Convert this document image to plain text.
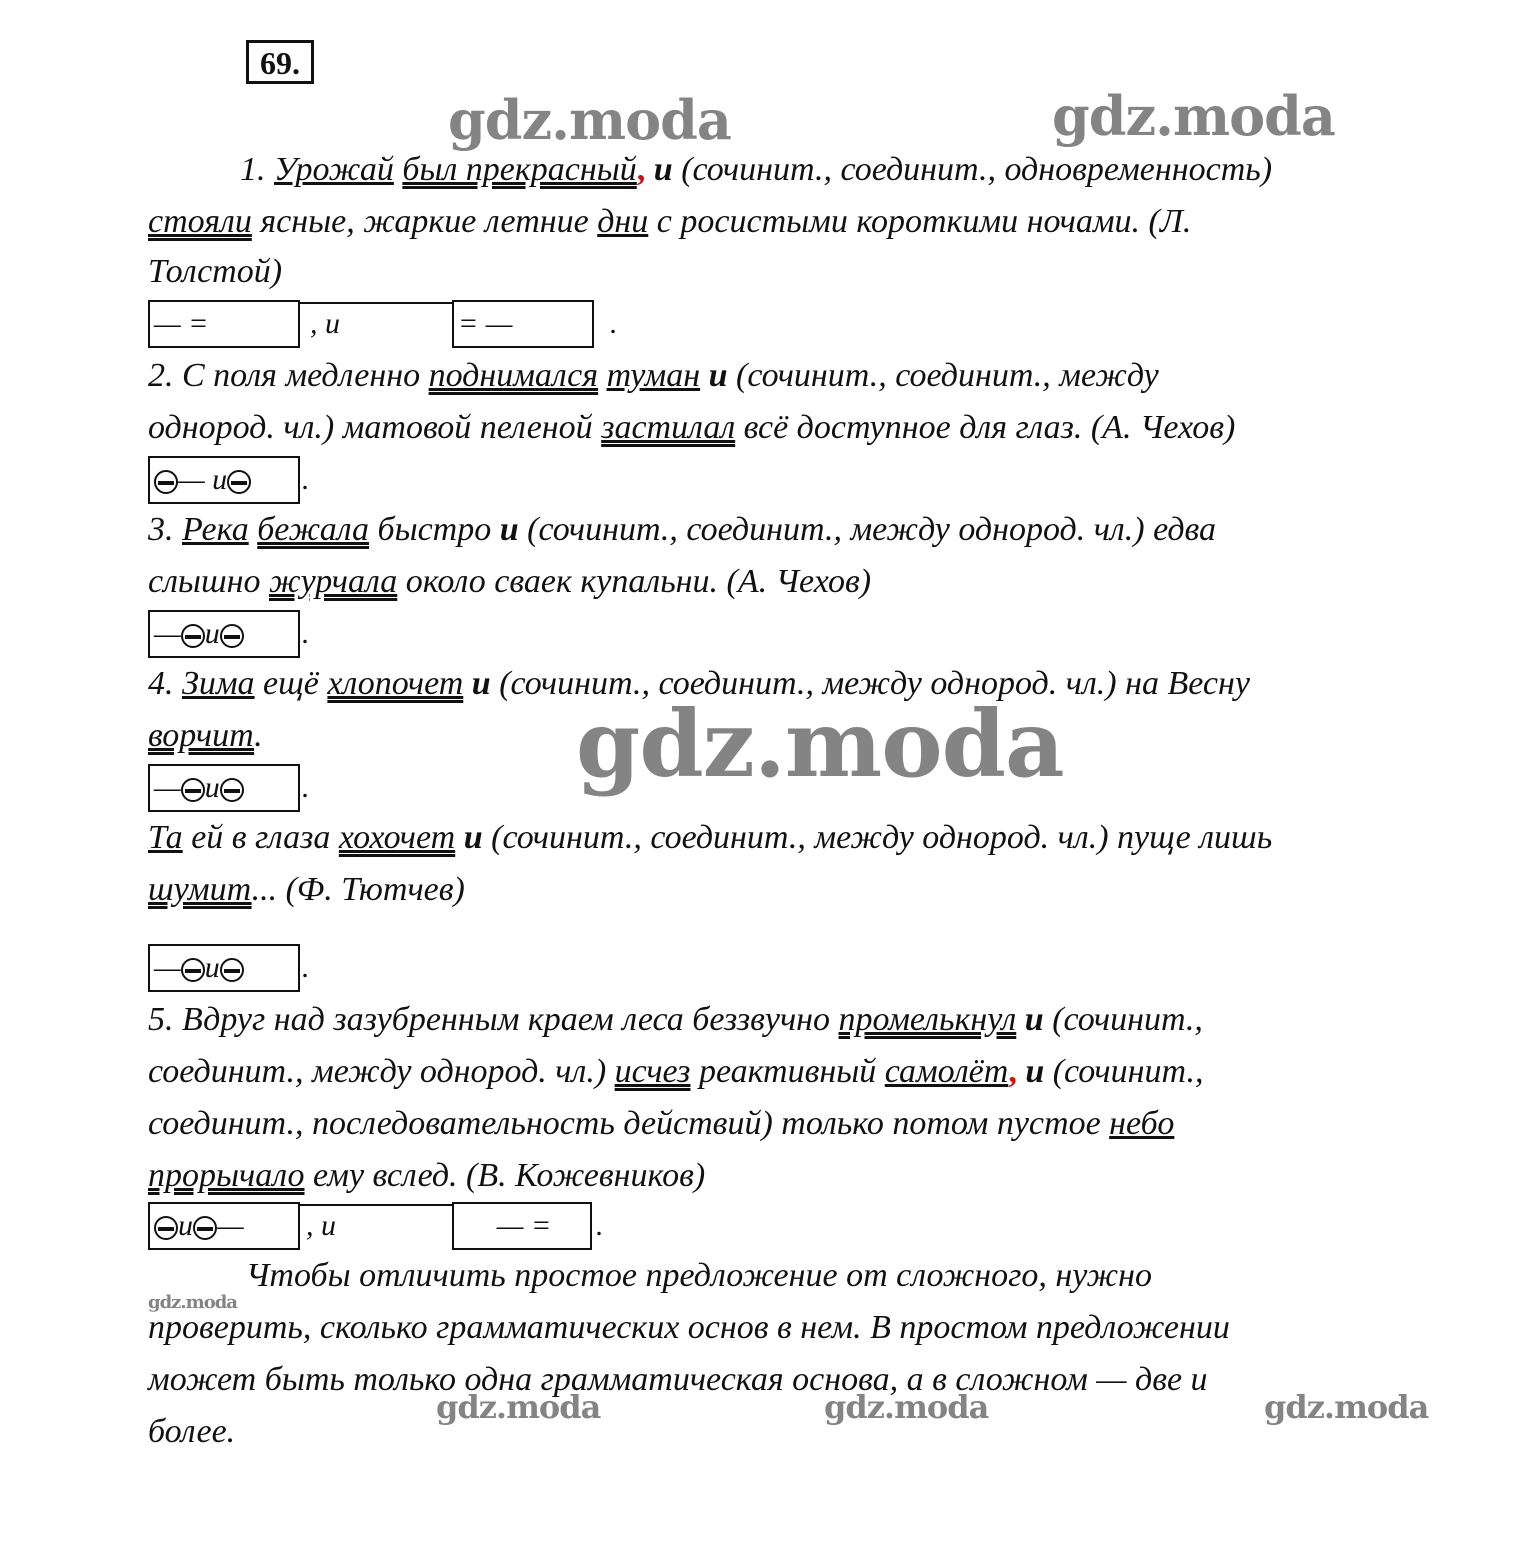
69.
gdz.moda	gdz.moda
gdz.moda
gdz.moda
gdz.moda	gdz.moda	gdz.moda
1. Урожай был прекрасный, и (сочинит., соединит., одновременность)
стояли ясные, жаркие летние дни с росистыми короткими ночами. (Л.
Толстой)
— =	, и	= —	.
2. С поля медленно поднимался туман и (сочинит., соединит., между
однород. чл.) матовой пеленой застилал всё доступное для глаз. (А. Чехов)
— и	.
3. Река бежала быстро и (сочинит., соединит., между однород. чл.) едва
слышно журчала около сваек купальни. (А. Чехов)
— и	.
4. Зима ещё хлопочет и (сочинит., соединит., между однород. чл.) на Весну
ворчит.
— и	.
Та ей в глаза хохочет и (сочинит., соединит., между однород. чл.) пуще лишь
шумит... (Ф. Тютчев)
— и	.
5. Вдруг над зазубренным краем леса беззвучно промелькнул и (сочинит.,
соединит., между однород. чл.) исчез реактивный самолёт, и (сочинит.,
соединит., последовательность действий) только потом пустое небо
прорычало ему вслед. (В. Кожевников)
и —	, и	— =	.
Чтобы отличить простое предложение от сложного, нужно
проверить, сколько грамматических основ в нем. В простом предложении
может быть только одна грамматическая основа, а в сложном — две и
более.
